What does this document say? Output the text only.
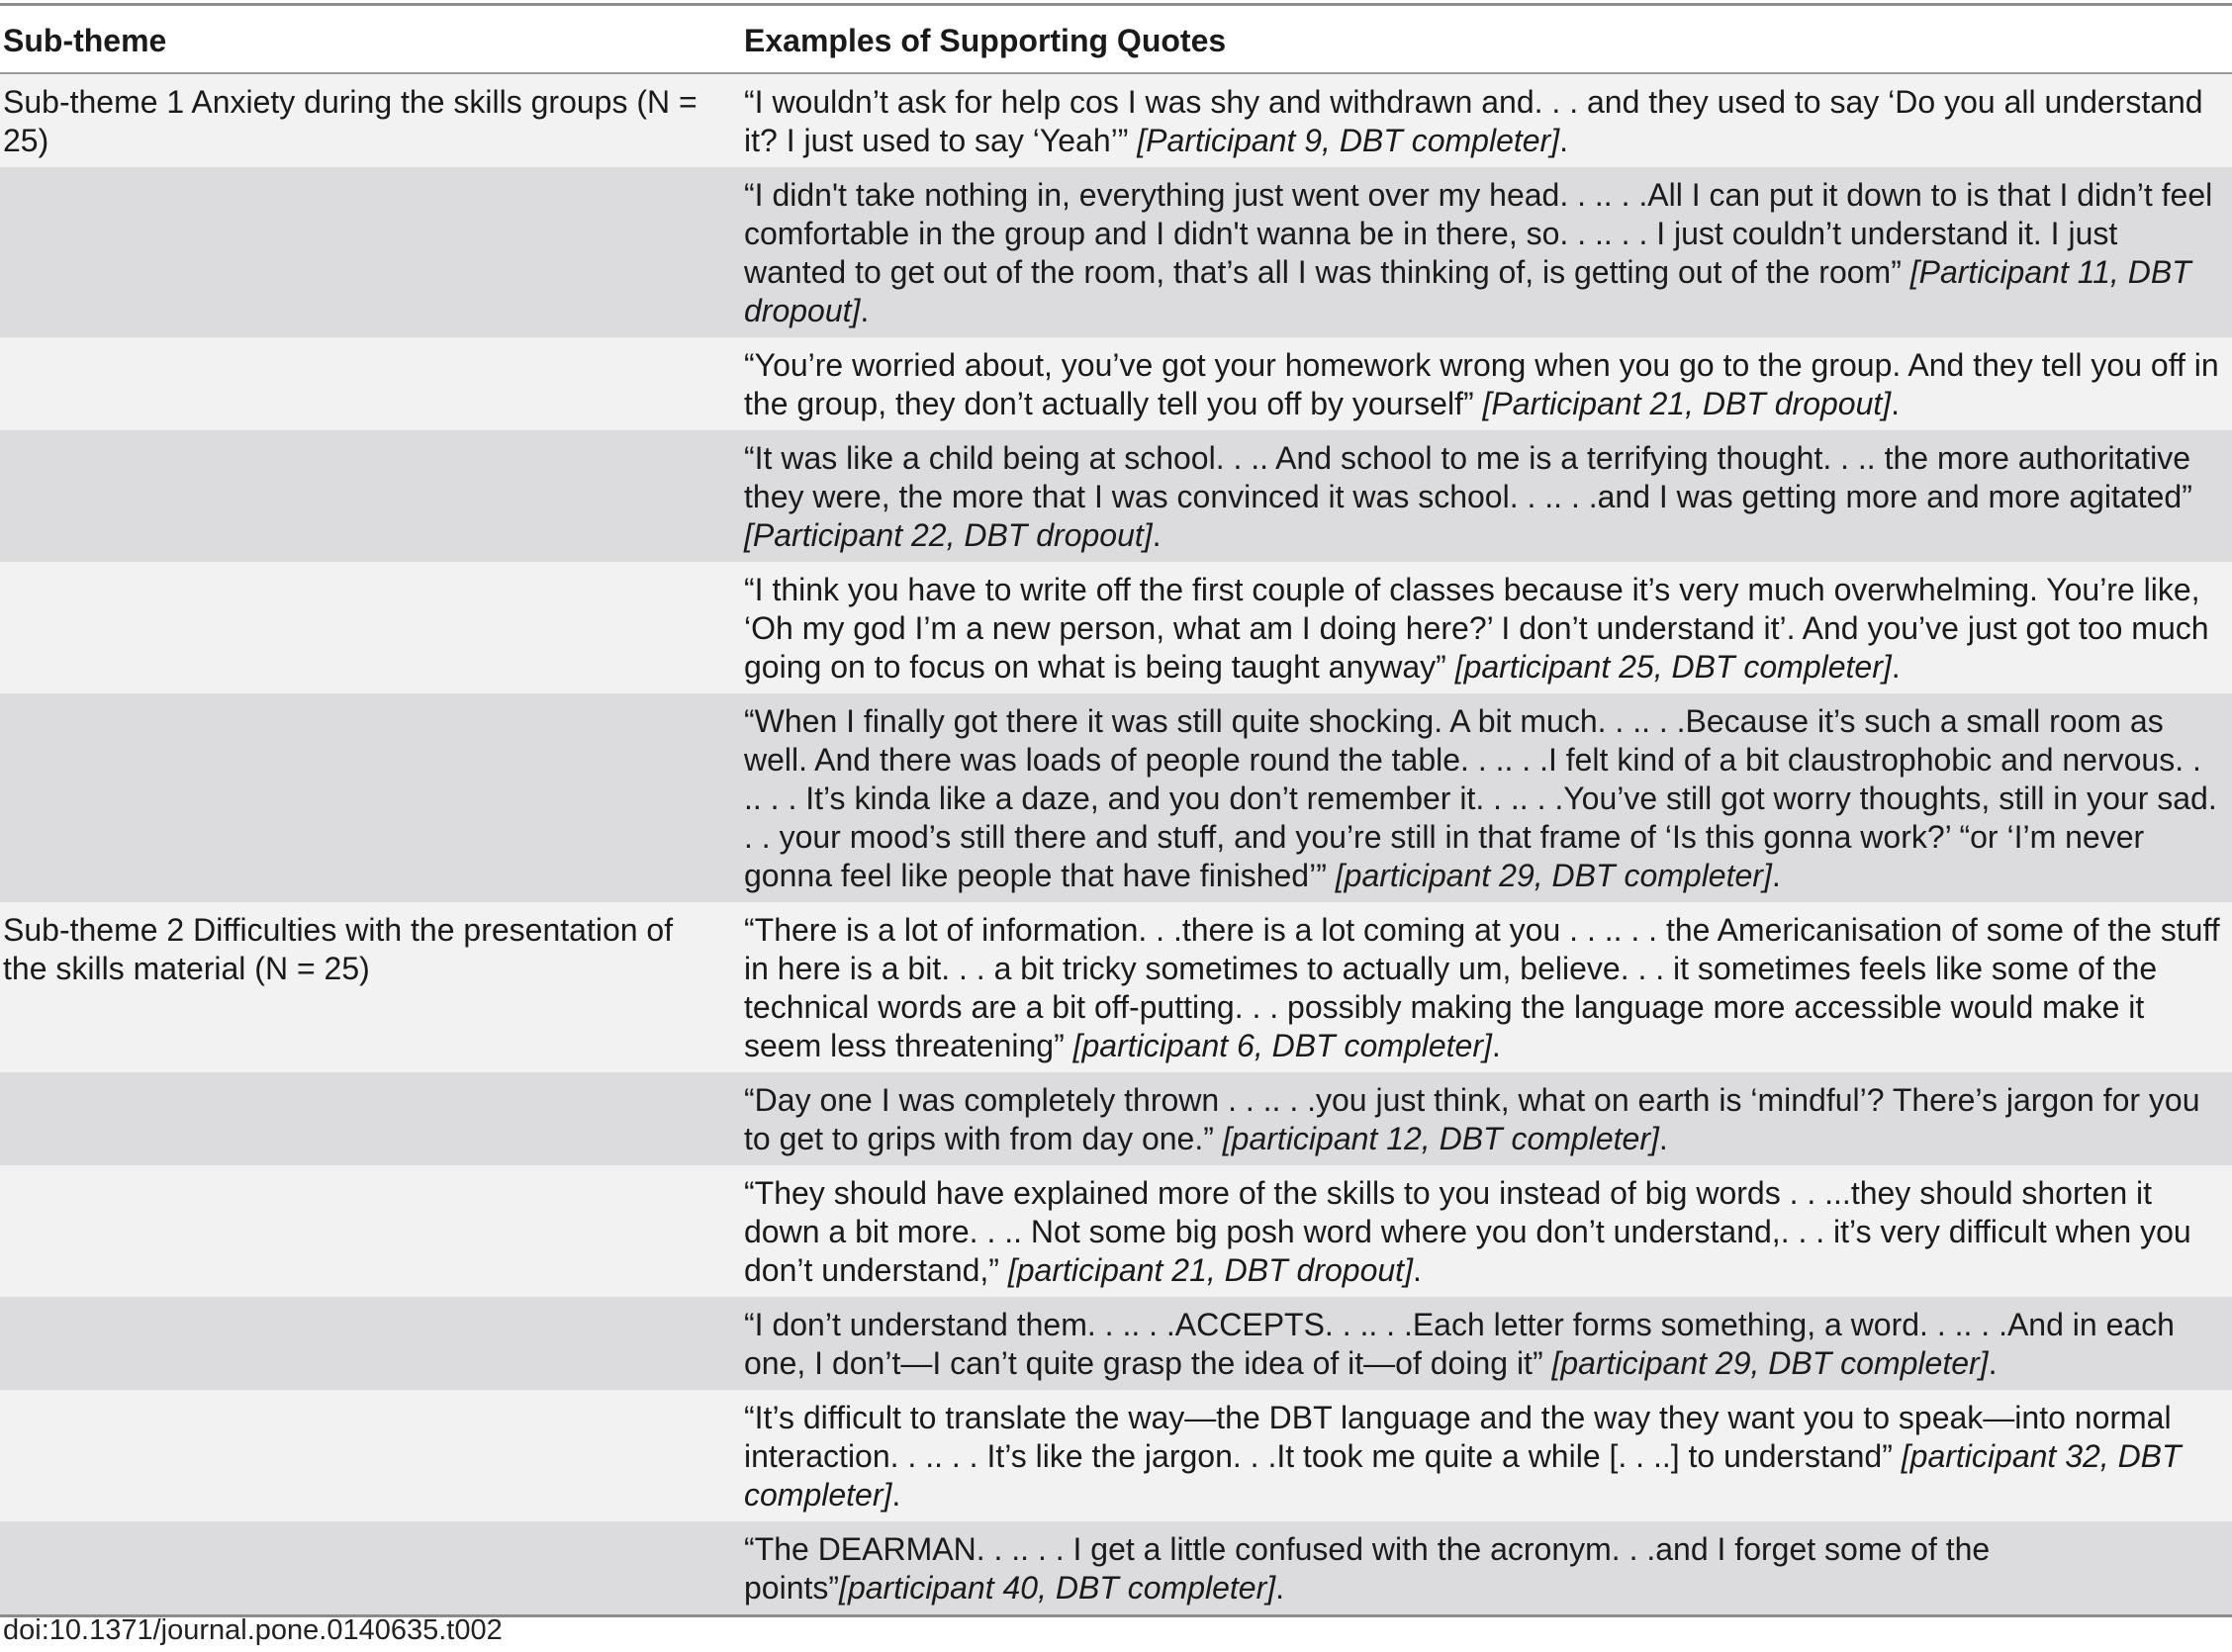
Sub-theme	Examples of Supporting Quotes
Sub-theme 1 Anxiety during the skills groups (N = 25)
“I wouldn’t ask for help cos I was shy and withdrawn and. . . and they used to say ‘Do you all understand it? I just used to say ‘Yeah’” [Participant 9, DBT completer].
“I didn't take nothing in, everything just went over my head. . .. . .All I can put it down to is that I didn’t feel comfortable in the group and I didn't wanna be in there, so. . .. . . I just couldn’t understand it. I just wanted to get out of the room, that’s all I was thinking of, is getting out of the room” [Participant 11, DBT dropout].
“You’re worried about, you’ve got your homework wrong when you go to the group. And they tell you off in the group, they don’t actually tell you off by yourself” [Participant 21, DBT dropout].
“It was like a child being at school. . .. And school to me is a terrifying thought. . .. the more authoritative they were, the more that I was convinced it was school. . .. . .and I was getting more and more agitated” [Participant 22, DBT dropout].
“I think you have to write off the first couple of classes because it’s very much overwhelming. You’re like, ‘Oh my god I’m a new person, what am I doing here?’ I don’t understand it’. And you’ve just got too much going on to focus on what is being taught anyway” [participant 25, DBT completer].
“When I finally got there it was still quite shocking. A bit much. . .. . .Because it’s such a small room as well. And there was loads of people round the table. . .. . .I felt kind of a bit claustrophobic and nervous. . .. . . It’s kinda like a daze, and you don’t remember it. . .. . .You’ve still got worry thoughts, still in your sad. . . your mood’s still there and stuff, and you’re still in that frame of ‘Is this gonna work?’ “or ‘I’m never gonna feel like people that have finished’” [participant 29, DBT completer].
Sub-theme 2 Difficulties with the presentation of the skills material (N = 25)
“There is a lot of information. . .there is a lot coming at you . . .. . . the Americanisation of some of the stuff in here is a bit. . . a bit tricky sometimes to actually um, believe. . . it sometimes feels like some of the technical words are a bit off-putting. . . possibly making the language more accessible would make it seem less threatening” [participant 6, DBT completer].
“Day one I was completely thrown . . .. . .you just think, what on earth is ‘mindful’? There’s jargon for you to get to grips with from day one.” [participant 12, DBT completer].
“They should have explained more of the skills to you instead of big words . . ...they should shorten it down a bit more. . .. Not some big posh word where you don’t understand,. . . it’s very difficult when you don’t understand,” [participant 21, DBT dropout].
“I don’t understand them. . .. . .ACCEPTS. . .. . .Each letter forms something, a word. . .. . .And in each one, I don’t—I can’t quite grasp the idea of it—of doing it” [participant 29, DBT completer].
“It’s difficult to translate the way—the DBT language and the way they want you to speak—into normal interaction. . .. . . It’s like the jargon. . .It took me quite a while [. . ..] to understand” [participant 32, DBT completer].
“The DEARMAN. . .. . . I get a little confused with the acronym. . .and I forget some of the points”[participant 40, DBT completer].
doi:10.1371/journal.pone.0140635.t002
